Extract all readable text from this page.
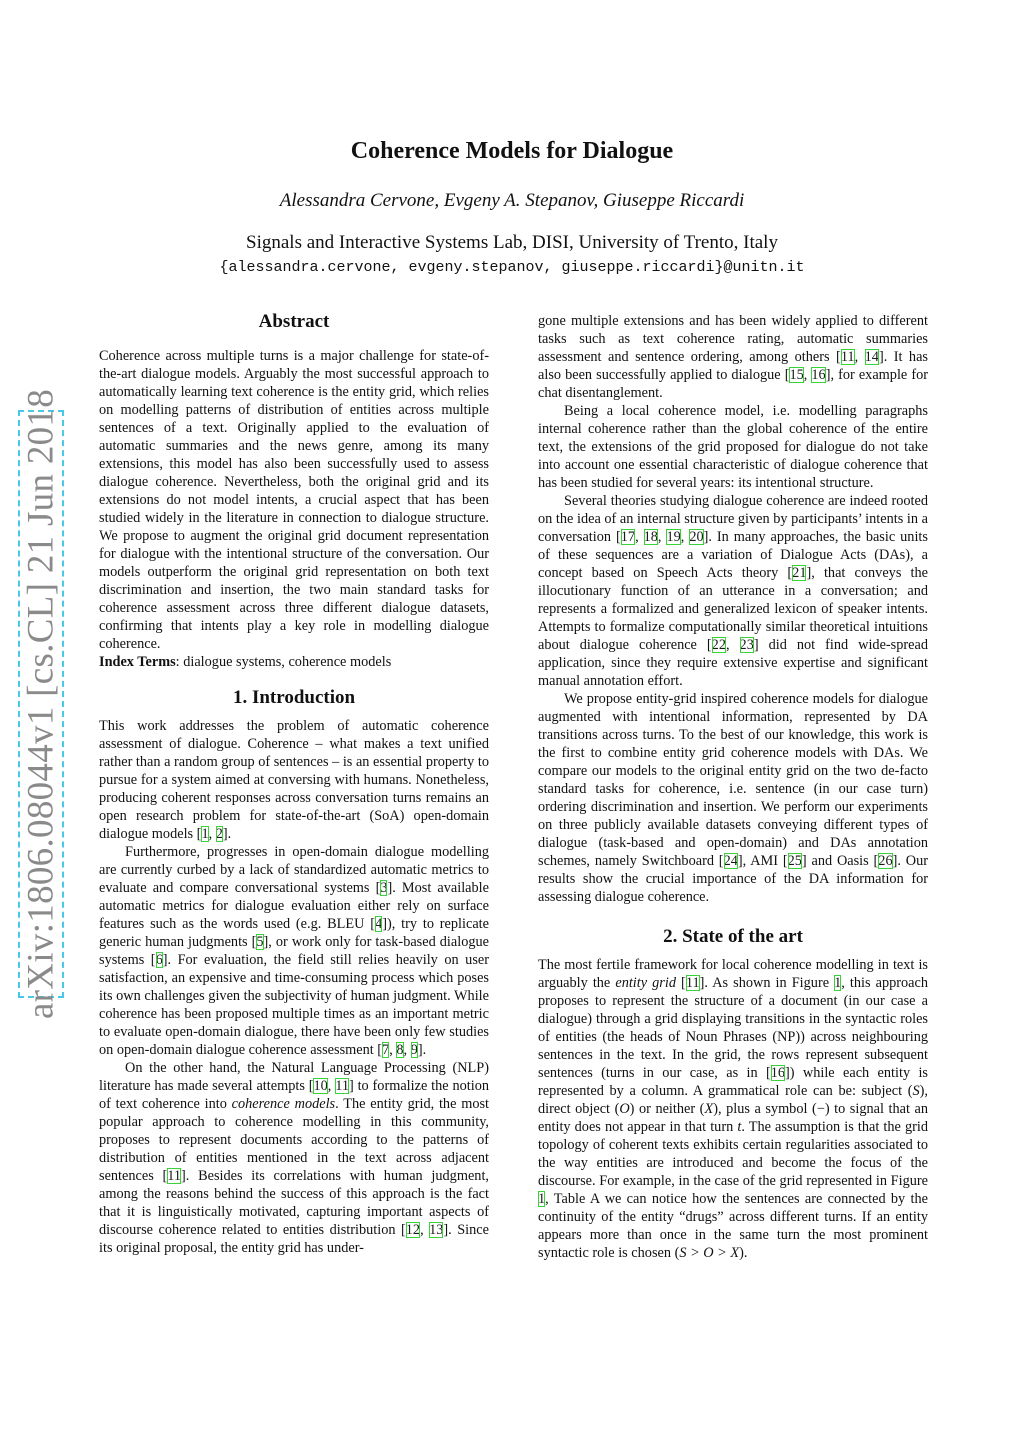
arXiv:1806.08044v1 [cs.CL] 21 Jun 2018
Coherence Models for Dialogue
Alessandra Cervone, Evgeny A. Stepanov, Giuseppe Riccardi
Signals and Interactive Systems Lab, DISI, University of Trento, Italy
{alessandra.cervone, evgeny.stepanov, giuseppe.riccardi}@unitn.it
Abstract

Coherence across multiple turns is a major challenge for state-of-the-art dialogue models. Arguably the most successful approach to automatically learning text coherence is the entity grid, which relies on modelling patterns of distribution of entities across multiple sentences of a text. Originally applied to the evaluation of automatic summaries and the news genre, among its many extensions, this model has also been successfully used to assess dialogue coherence. Nevertheless, both the original grid and its extensions do not model intents, a crucial aspect that has been studied widely in the literature in connection to dialogue structure. We propose to augment the original grid document representation for dialogue with the intentional structure of the conversation. Our models outperform the original grid representation on both text discrimination and insertion, the two main standard tasks for coherence assessment across three different dialogue datasets, confirming that intents play a key role in modelling dialogue coherence.

Index Terms: dialogue systems, coherence models

1. Introduction

This work addresses the problem of automatic coherence assessment of dialogue. Coherence – what makes a text unified rather than a random group of sentences – is an essential property to pursue for a system aimed at conversing with humans. Nonetheless, producing coherent responses across conversation turns remains an open research problem for state-of-the-art (SoA) open-domain dialogue models [1, 2].

Furthermore, progresses in open-domain dialogue modelling are currently curbed by a lack of standardized automatic metrics to evaluate and compare conversational systems [3]. Most available automatic metrics for dialogue evaluation either rely on surface features such as the words used (e.g. BLEU [4]), try to replicate generic human judgments [5], or work only for task-based dialogue systems [6]. For evaluation, the field still relies heavily on user satisfaction, an expensive and time-consuming process which poses its own challenges given the subjectivity of human judgment. While coherence has been proposed multiple times as an important metric to evaluate open-domain dialogue, there have been only few studies on open-domain dialogue coherence assessment [7, 8, 9].

On the other hand, the Natural Language Processing (NLP) literature has made several attempts [10, 11] to formalize the notion of text coherence into coherence models. The entity grid, the most popular approach to coherence modelling in this community, proposes to represent documents according to the patterns of distribution of entities mentioned in the text across adjacent sentences [11]. Besides its correlations with human judgment, among the reasons behind the success of this approach is the fact that it is linguistically motivated, capturing important aspects of discourse coherence related to entities distribution [12, 13]. Since its original proposal, the entity grid has under-

gone multiple extensions and has been widely applied to different tasks such as text coherence rating, automatic summaries assessment and sentence ordering, among others [11, 14]. It has also been successfully applied to dialogue [15, 16], for example for chat disentanglement.

Being a local coherence model, i.e. modelling paragraphs internal coherence rather than the global coherence of the entire text, the extensions of the grid proposed for dialogue do not take into account one essential characteristic of dialogue coherence that has been studied for several years: its intentional structure.

Several theories studying dialogue coherence are indeed rooted on the idea of an internal structure given by participants’ intents in a conversation [17, 18, 19, 20]. In many approaches, the basic units of these sequences are a variation of Dialogue Acts (DAs), a concept based on Speech Acts theory [21], that conveys the illocutionary function of an utterance in a conversation; and represents a formalized and generalized lexicon of speaker intents. Attempts to formalize computationally similar theoretical intuitions about dialogue coherence [22, 23] did not find wide-spread application, since they require extensive expertise and significant manual annotation effort.

We propose entity-grid inspired coherence models for dialogue augmented with intentional information, represented by DA transitions across turns. To the best of our knowledge, this work is the first to combine entity grid coherence models with DAs. We compare our models to the original entity grid on the two de-facto standard tasks for coherence, i.e. sentence (in our case turn) ordering discrimination and insertion. We perform our experiments on three publicly available datasets conveying different types of dialogue (task-based and open-domain) and DAs annotation schemes, namely Switchboard [24], AMI [25] and Oasis [26]. Our results show the crucial importance of the DA information for assessing dialogue coherence.

2. State of the art

The most fertile framework for local coherence modelling in text is arguably the entity grid [11]. As shown in Figure 1, this approach proposes to represent the structure of a document (in our case a dialogue) through a grid displaying transitions in the syntactic roles of entities (the heads of Noun Phrases (NP)) across neighbouring sentences in the text. In the grid, the rows represent subsequent sentences (turns in our case, as in [16]) while each entity is represented by a column. A grammatical role can be: subject (S), direct object (O) or neither (X), plus a symbol (−) to signal that an entity does not appear in that turn t. The assumption is that the grid topology of coherent texts exhibits certain regularities associated to the way entities are introduced and become the focus of the discourse. For example, in the case of the grid represented in Figure 1, Table A we can notice how the sentences are connected by the continuity of the entity “drugs” across different turns. If an entity appears more than once in the same turn the most prominent syntactic role is chosen (S > O > X).
